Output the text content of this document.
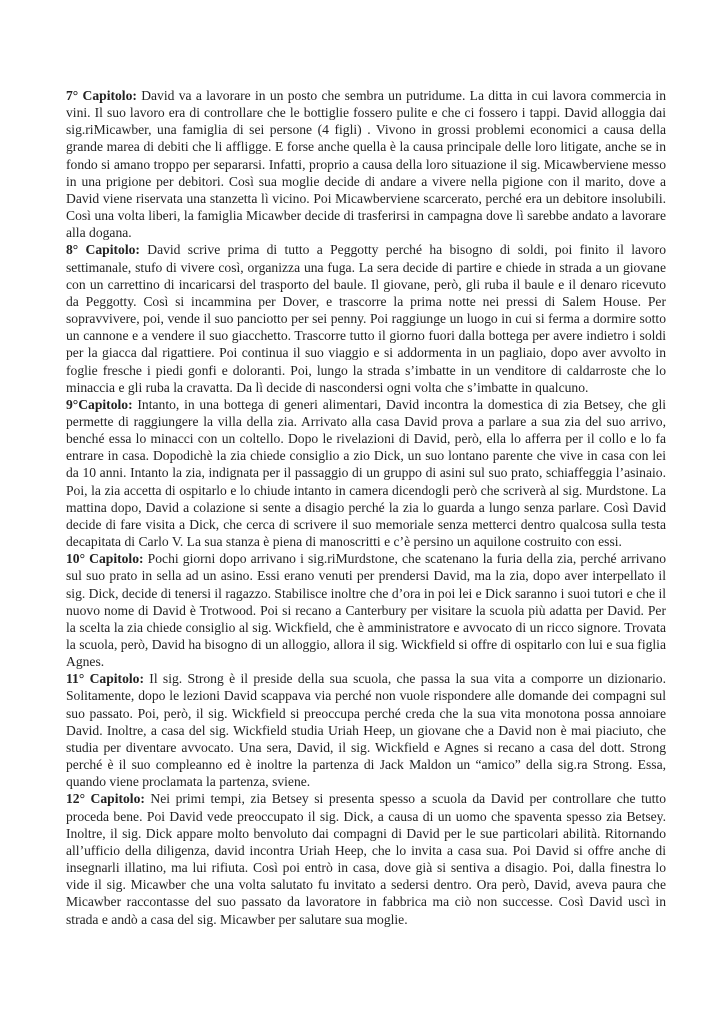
7° Capitolo: David va a lavorare in un posto che sembra un putridume. La ditta in cui lavora commercia in vini. Il suo lavoro era di controllare che le bottiglie fossero pulite e che ci fossero i tappi. David alloggia dai sig.riMicawber, una famiglia di sei persone (4 figli) . Vivono in grossi problemi economici a causa della grande marea di debiti che li affligge. E forse anche quella è la causa principale delle loro litigate, anche se in fondo si amano troppo per separarsi. Infatti, proprio a causa della loro situazione il sig. Micawberviene messo in una prigione per debitori. Così sua moglie decide di andare a vivere nella pigione con il marito, dove a David viene riservata una stanzetta lì vicino. Poi Micawberviene scarcerato, perché era un debitore insolubili. Così una volta liberi, la famiglia Micawber decide di trasferirsi in campagna dove lì sarebbe andato a lavorare alla dogana.

8° Capitolo: David scrive prima di tutto a Peggotty perché ha bisogno di soldi, poi finito il lavoro settimanale, stufo di vivere così, organizza una fuga. La sera decide di partire e chiede in strada a un giovane con un carrettino di incaricarsi del trasporto del baule. Il giovane, però, gli ruba il baule e il denaro ricevuto da Peggotty. Così si incammina per Dover, e trascorre la prima notte nei pressi di Salem House. Per sopravvivere, poi, vende il suo panciotto per sei penny. Poi raggiunge un luogo in cui si ferma a dormire sotto un cannone e a vendere il suo giacchetto. Trascorre tutto il giorno fuori dalla bottega per avere indietro i soldi per la giacca dal rigattiere. Poi continua il suo viaggio e si addormenta in un pagliaio, dopo aver avvolto in foglie fresche i piedi gonfi e doloranti. Poi, lungo la strada s’imbatte in un venditore di caldarroste che lo minaccia e gli ruba la cravatta. Da lì decide di nascondersi ogni volta che s’imbatte in qualcuno.

9°Capitolo: Intanto, in una bottega di generi alimentari, David incontra la domestica di zia Betsey, che gli permette di raggiungere la villa della zia. Arrivato alla casa David prova a parlare a sua zia del suo arrivo, benché essa lo minacci con un coltello. Dopo le rivelazioni di David, però, ella lo afferra per il collo e lo fa entrare in casa. Dopodichè la zia chiede consiglio a zio Dick, un suo lontano parente che vive in casa con lei da 10 anni. Intanto la zia, indignata per il passaggio di un gruppo di asini sul suo prato, schiaffeggia l’asinaio. Poi, la zia accetta di ospitarlo e lo chiude intanto in camera dicendogli però che scriverà al sig. Murdstone. La mattina dopo, David a colazione si sente a disagio perché la zia lo guarda a lungo senza parlare. Così David decide di fare visita a Dick, che cerca di scrivere il suo memoriale senza metterci dentro qualcosa sulla testa decapitata di Carlo V. La sua stanza è piena di manoscritti e c’è persino un aquilone costruito con essi.

10° Capitolo: Pochi giorni dopo arrivano i sig.riMurdstone, che scatenano la furia della zia, perché arrivano sul suo prato in sella ad un asino. Essi erano venuti per prendersi David, ma la zia, dopo aver interpellato il sig. Dick, decide di tenersi il ragazzo. Stabilisce inoltre che d’ora in poi lei e Dick saranno i suoi tutori e che il nuovo nome di David è Trotwood. Poi si recano a Canterbury per visitare la scuola più adatta per David. Per la scelta la zia chiede consiglio al sig. Wickfield, che è amministratore e avvocato di un ricco signore. Trovata la scuola, però, David ha bisogno di un alloggio, allora il sig. Wickfield si offre di ospitarlo con lui e sua figlia Agnes.

11° Capitolo: Il sig. Strong è il preside della sua scuola, che passa la sua vita a comporre un dizionario. Solitamente, dopo le lezioni David scappava via perché non vuole rispondere alle domande dei compagni sul suo passato. Poi, però, il sig. Wickfield si preoccupa perché creda che la sua vita monotona possa annoiare David. Inoltre, a casa del sig. Wickfield studia Uriah Heep, un giovane che a David non è mai piaciuto, che studia per diventare avvocato. Una sera, David, il sig. Wickfield e Agnes si recano a casa del dott. Strong perché è il suo compleanno ed è inoltre la partenza di Jack Maldon un “amico” della sig.ra Strong. Essa, quando viene proclamata la partenza, sviene.

12° Capitolo: Nei primi tempi, zia Betsey si presenta spesso a scuola da David per controllare che tutto proceda bene. Poi David vede preoccupato il sig. Dick, a causa di un uomo che spaventa spesso zia Betsey. Inoltre, il sig. Dick appare molto benvoluto dai compagni di David per le sue particolari abilità. Ritornando all’ufficio della diligenza, david incontra Uriah Heep, che lo invita a casa sua. Poi David si offre anche di insegnarli illatino, ma lui rifiuta. Così poi entrò in casa, dove già si sentiva a disagio. Poi, dalla finestra lo vide il sig. Micawber che una volta salutato fu invitato a sedersi dentro. Ora però, David, aveva paura che Micawber raccontasse del suo passato da lavoratore in fabbrica ma ciò non successe. Così David uscì in strada e andò a casa del sig. Micawber per salutare sua moglie.
